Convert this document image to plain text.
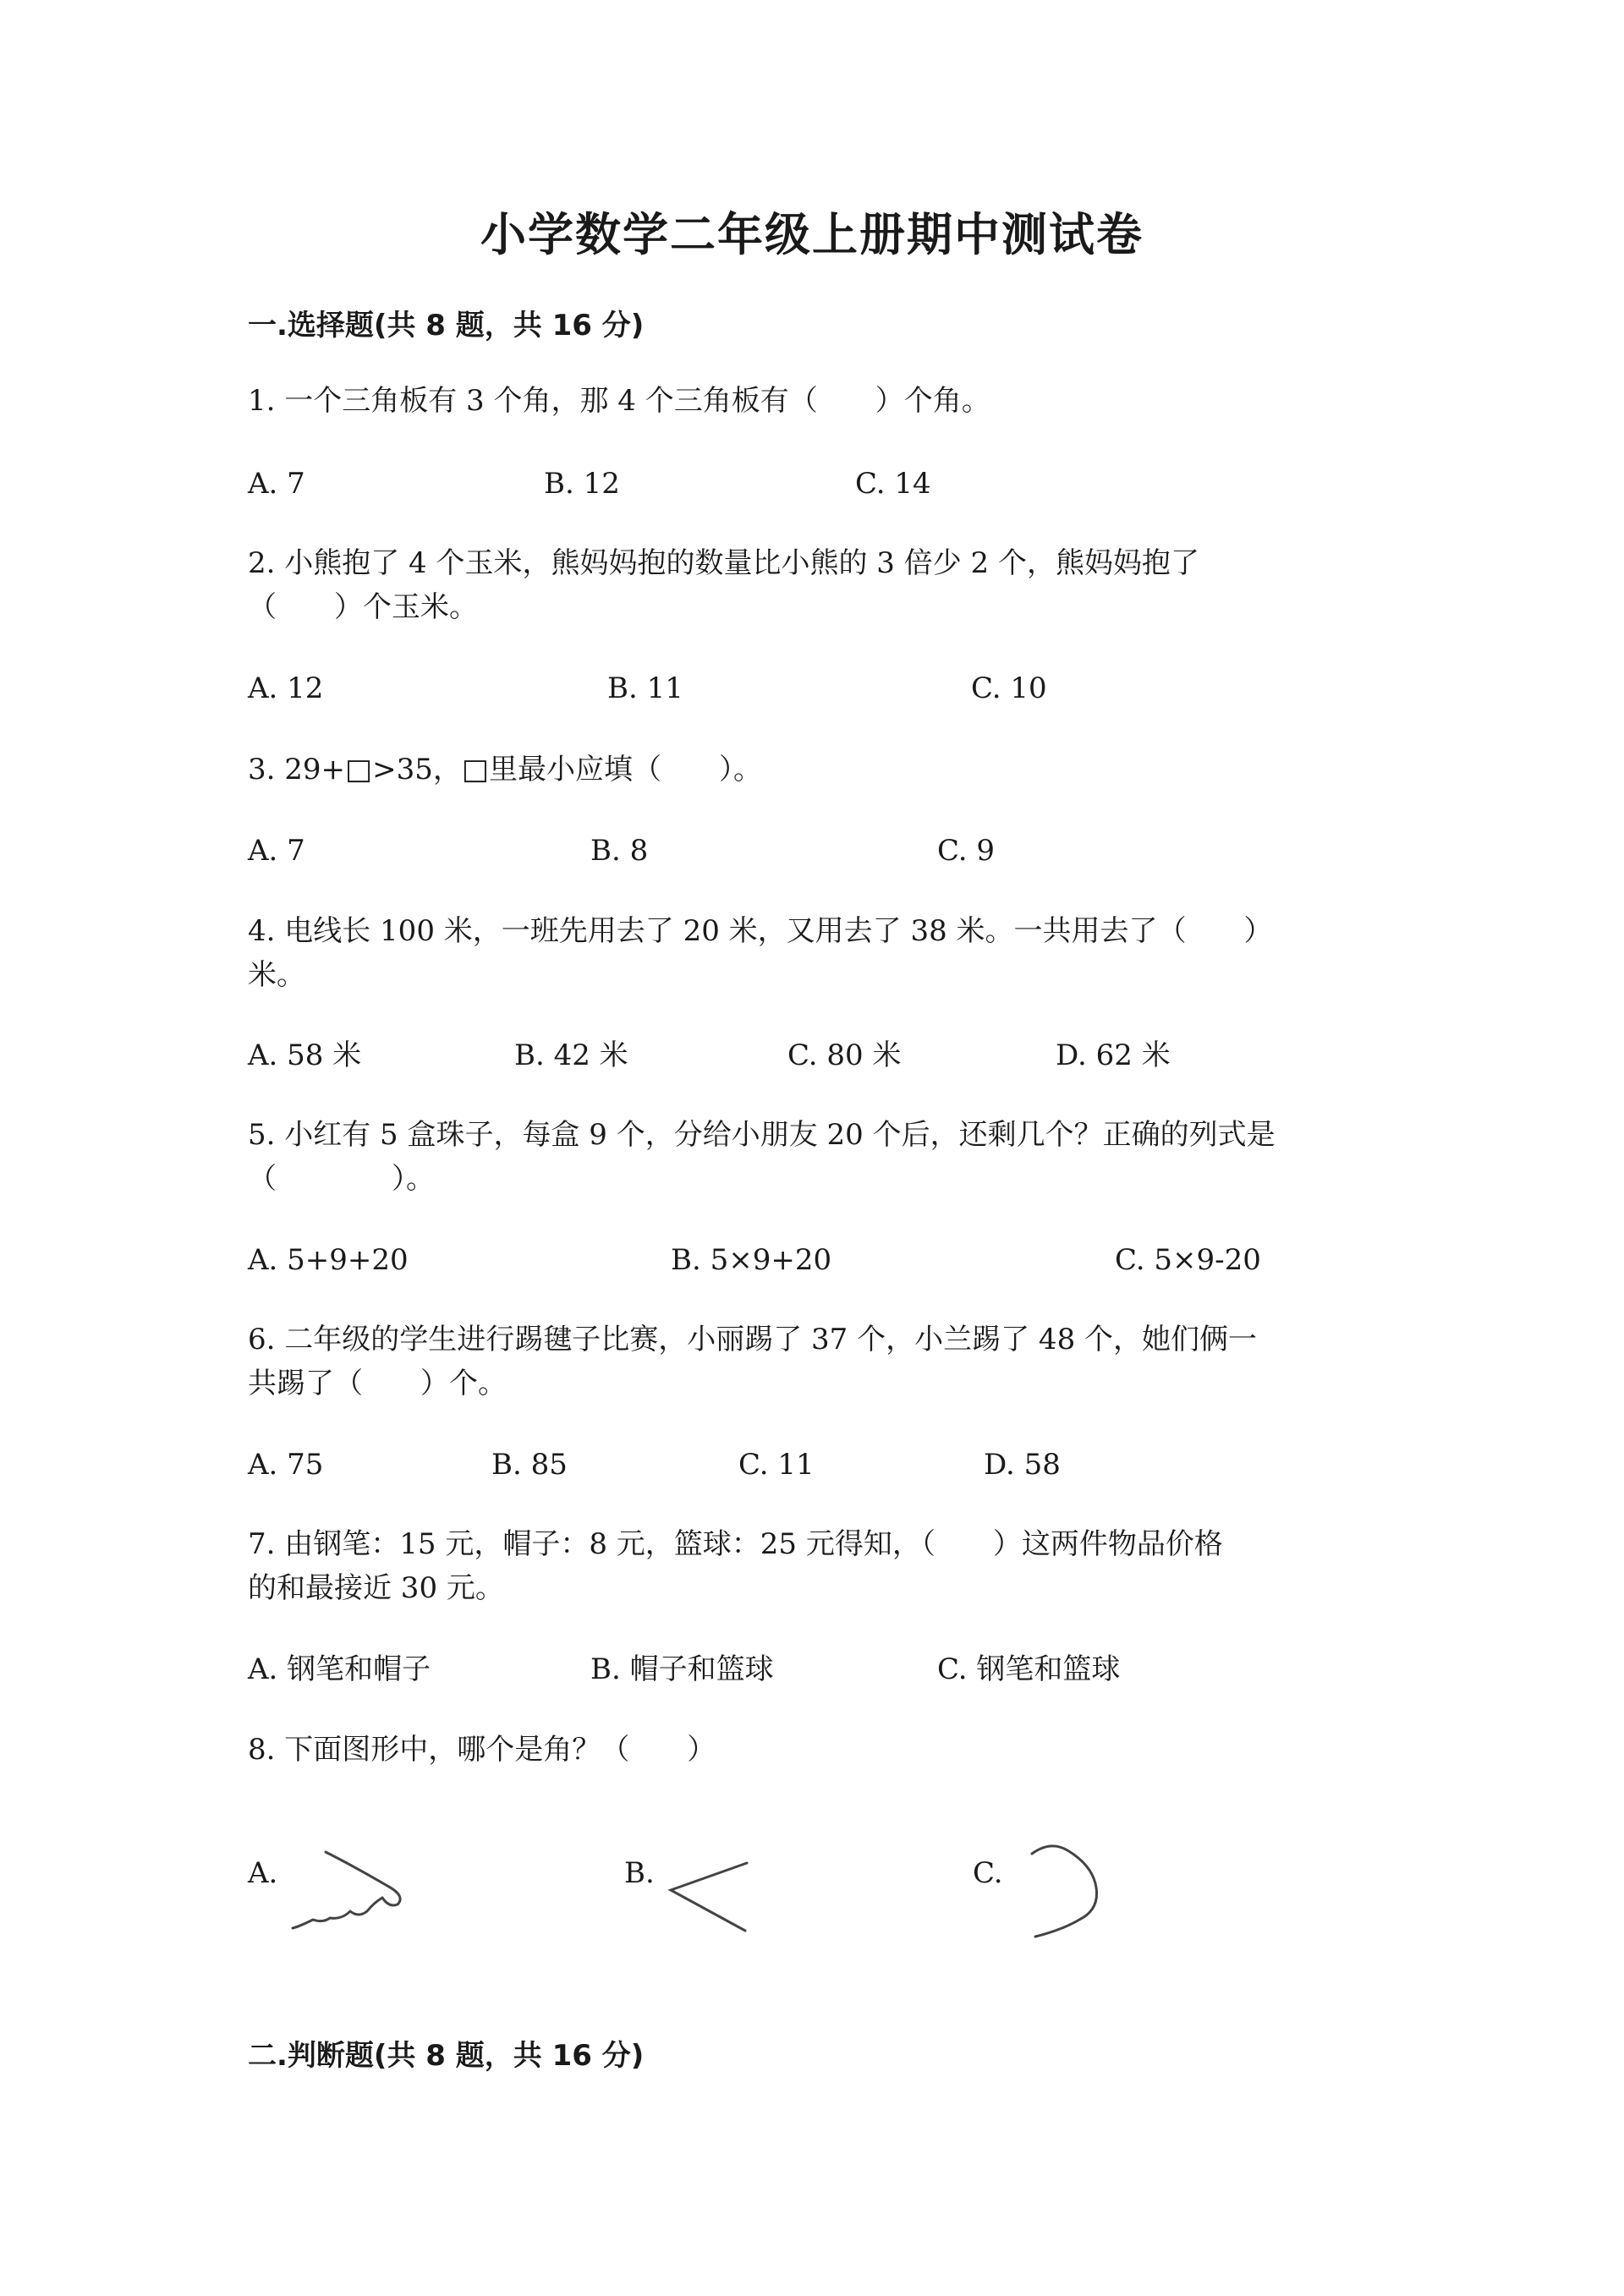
小学数学二年级上册期中测试卷
一.选择题(共 8 题，共 16 分)
1. 一个三角板有 3 个角，那 4 个三角板有（　　）个角。
A. 7	B. 12	C. 14
2. 小熊抱了 4 个玉米，熊妈妈抱的数量比小熊的 3 倍少 2 个，熊妈妈抱了
（　　）个玉米。
A. 12	B. 11	C. 10
3. 29+□>35，□里最小应填（　　）。
A. 7	B. 8	C. 9
4. 电线长 100 米，一班先用去了 20 米，又用去了 38 米。一共用去了（　　）
米。
A. 58 米	B. 42 米	C. 80 米	D. 62 米
5. 小红有 5 盒珠子，每盒 9 个，分给小朋友 20 个后，还剩几个？正确的列式是
（　　　　）。
A. 5+9+20	B. 5×9+20	C. 5×9-20
6. 二年级的学生进行踢毽子比赛，小丽踢了 37 个，小兰踢了 48 个，她们俩一
共踢了（　　）个。
A. 75	B. 85	C. 11	D. 58
7. 由钢笔：15 元，帽子：8 元，篮球：25 元得知，（　　）这两件物品价格
的和最接近 30 元。
A. 钢笔和帽子	B. 帽子和篮球	C. 钢笔和篮球
8. 下面图形中，哪个是角？（　　）
A.	B.	C.
二.判断题(共 8 题，共 16 分)
